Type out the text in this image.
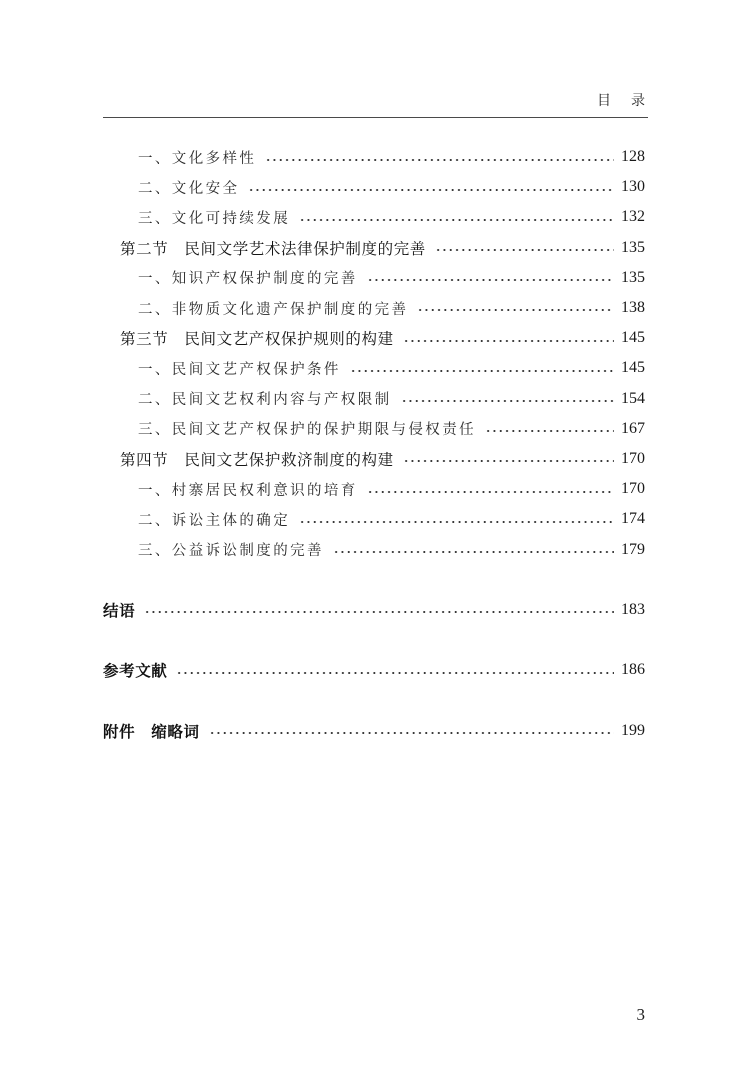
目　录
一、文化多样性	128
二、文化安全	130
三、文化可持续发展	132
第二节　民间文学艺术法律保护制度的完善	135
一、知识产权保护制度的完善	135
二、非物质文化遗产保护制度的完善	138
第三节　民间文艺产权保护规则的构建	145
一、民间文艺产权保护条件	145
二、民间文艺权利内容与产权限制	154
三、民间文艺产权保护的保护期限与侵权责任	167
第四节　民间文艺保护救济制度的构建	170
一、村寨居民权利意识的培育	170
二、诉讼主体的确定	174
三、公益诉讼制度的完善	179
结语	183
参考文献	186
附件　缩略词	199
3
